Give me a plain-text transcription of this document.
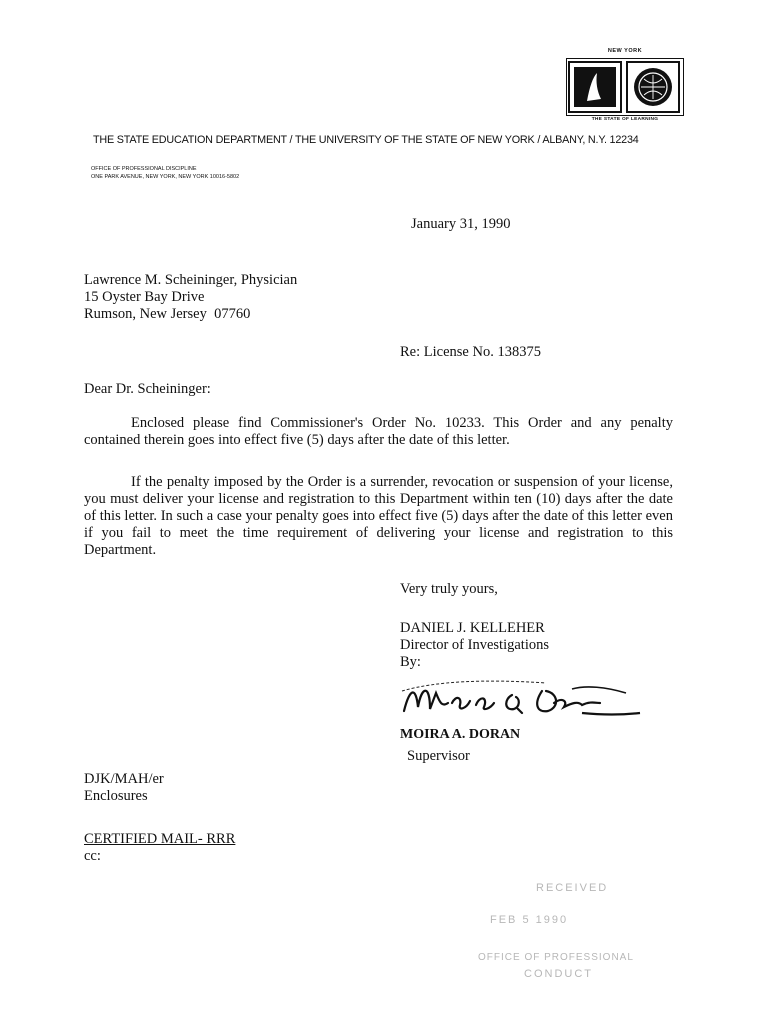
NEW YORK
THE STATE OF LEARNING
THE STATE EDUCATION DEPARTMENT / THE UNIVERSITY OF THE STATE OF NEW YORK / ALBANY, N.Y. 12234
OFFICE OF PROFESSIONAL DISCIPLINE
ONE PARK AVENUE, NEW YORK, NEW YORK 10016-5802
January 31, 1990
Lawrence M. Scheininger, Physician
15 Oyster Bay Drive
Rumson, New Jersey  07760
Re: License No. 138375
Dear Dr. Scheininger:
Enclosed please find Commissioner's Order No. 10233. This Order and any penalty contained therein goes into effect five (5) days after the date of this letter.
If the penalty imposed by the Order is a surrender, revocation or suspension of your license, you must deliver your license and registration to this Department within ten (10) days after the date of this letter. In such a case your penalty goes into effect five (5) days after the date of this letter even if you fail to meet the time requirement of delivering your license and registration to this Department.
Very truly yours,
DANIEL J. KELLEHER
Director of Investigations
By:
MOIRA A. DORAN
Supervisor
DJK/MAH/er
Enclosures
CERTIFIED MAIL- RRR
cc:
RECEIVED
FEB 5 1990
OFFICE OF PROFESSIONAL
CONDUCT
